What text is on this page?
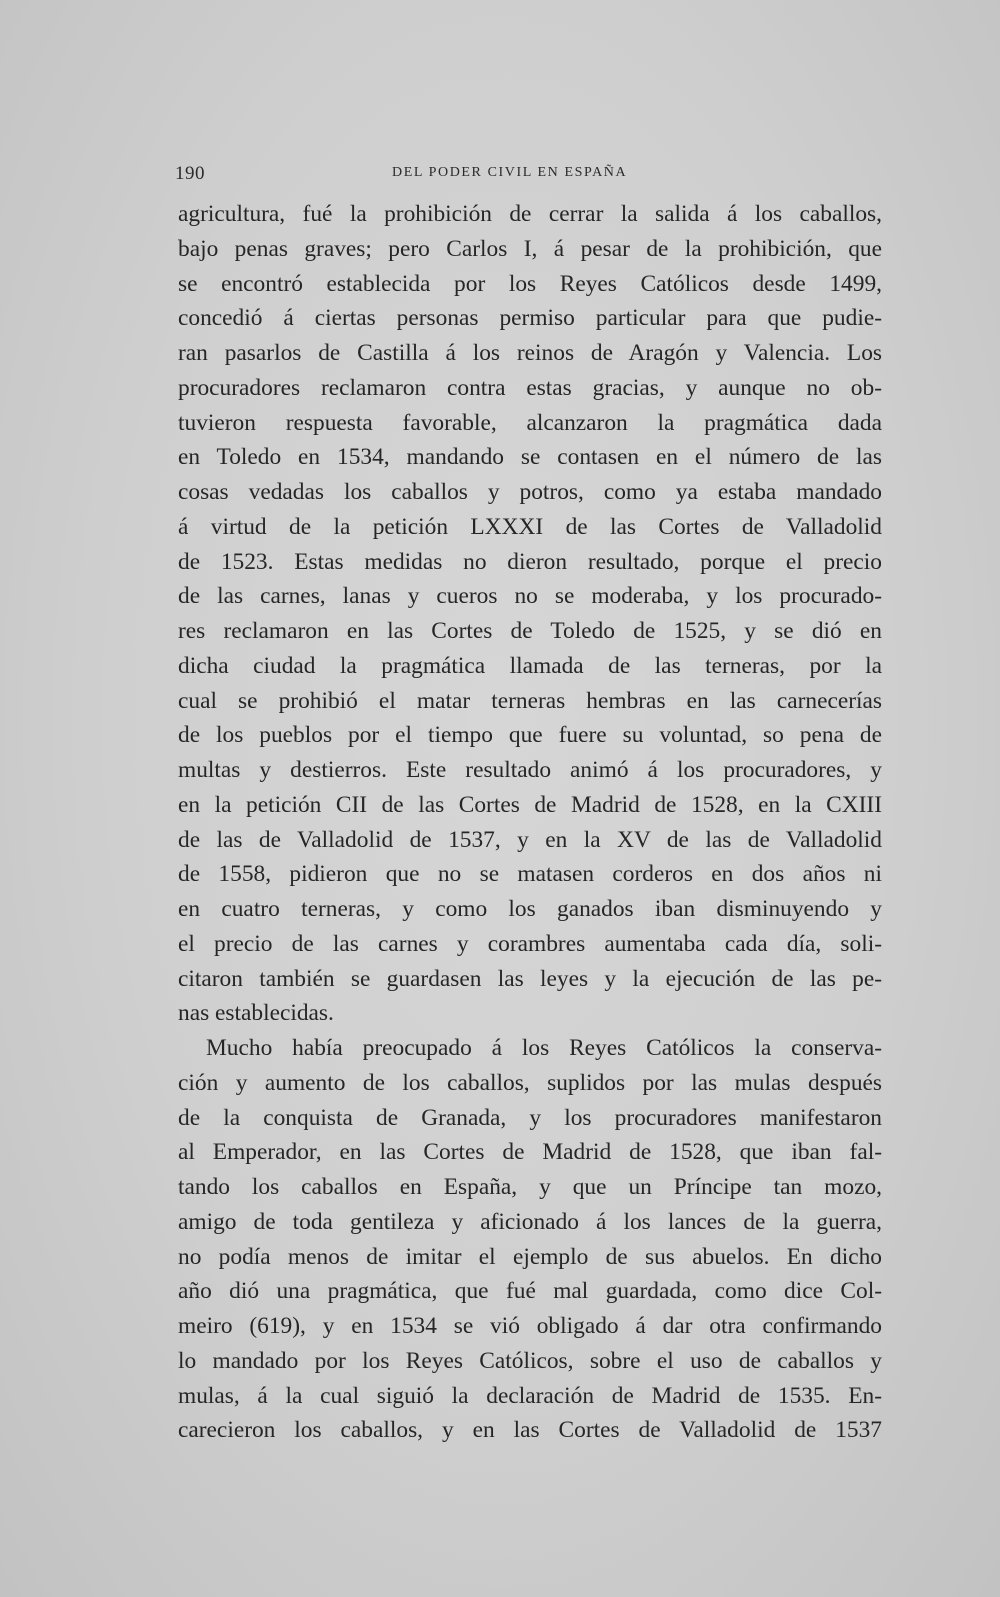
190	DEL PODER CIVIL EN ESPAÑA
agricultura, fué la prohibición de cerrar la salida á los caballos,
bajo penas graves; pero Carlos I, á pesar de la prohibición, que
se encontró establecida por los Reyes Católicos desde 1499,
concedió á ciertas personas permiso particular para que pudie-
ran pasarlos de Castilla á los reinos de Aragón y Valencia. Los
procuradores reclamaron contra estas gracias, y aunque no ob-
tuvieron respuesta favorable, alcanzaron la pragmática dada
en Toledo en 1534, mandando se contasen en el número de las
cosas vedadas los caballos y potros, como ya estaba mandado
á virtud de la petición LXXXI de las Cortes de Valladolid
de 1523. Estas medidas no dieron resultado, porque el precio
de las carnes, lanas y cueros no se moderaba, y los procurado-
res reclamaron en las Cortes de Toledo de 1525, y se dió en
dicha ciudad la pragmática llamada de las terneras, por la
cual se prohibió el matar terneras hembras en las carnecerías
de los pueblos por el tiempo que fuere su voluntad, so pena de
multas y destierros. Este resultado animó á los procuradores, y
en la petición CII de las Cortes de Madrid de 1528, en la CXIII
de las de Valladolid de 1537, y en la XV de las de Valladolid
de 1558, pidieron que no se matasen corderos en dos años ni
en cuatro terneras, y como los ganados iban disminuyendo y
el precio de las carnes y corambres aumentaba cada día, soli-
citaron también se guardasen las leyes y la ejecución de las pe-
nas establecidas.
Mucho había preocupado á los Reyes Católicos la conserva-
ción y aumento de los caballos, suplidos por las mulas después
de la conquista de Granada, y los procuradores manifestaron
al Emperador, en las Cortes de Madrid de 1528, que iban fal-
tando los caballos en España, y que un Príncipe tan mozo,
amigo de toda gentileza y aficionado á los lances de la guerra,
no podía menos de imitar el ejemplo de sus abuelos. En dicho
año dió una pragmática, que fué mal guardada, como dice Col-
meiro (619), y en 1534 se vió obligado á dar otra confirmando
lo mandado por los Reyes Católicos, sobre el uso de caballos y
mulas, á la cual siguió la declaración de Madrid de 1535. En-
carecieron los caballos, y en las Cortes de Valladolid de 1537
